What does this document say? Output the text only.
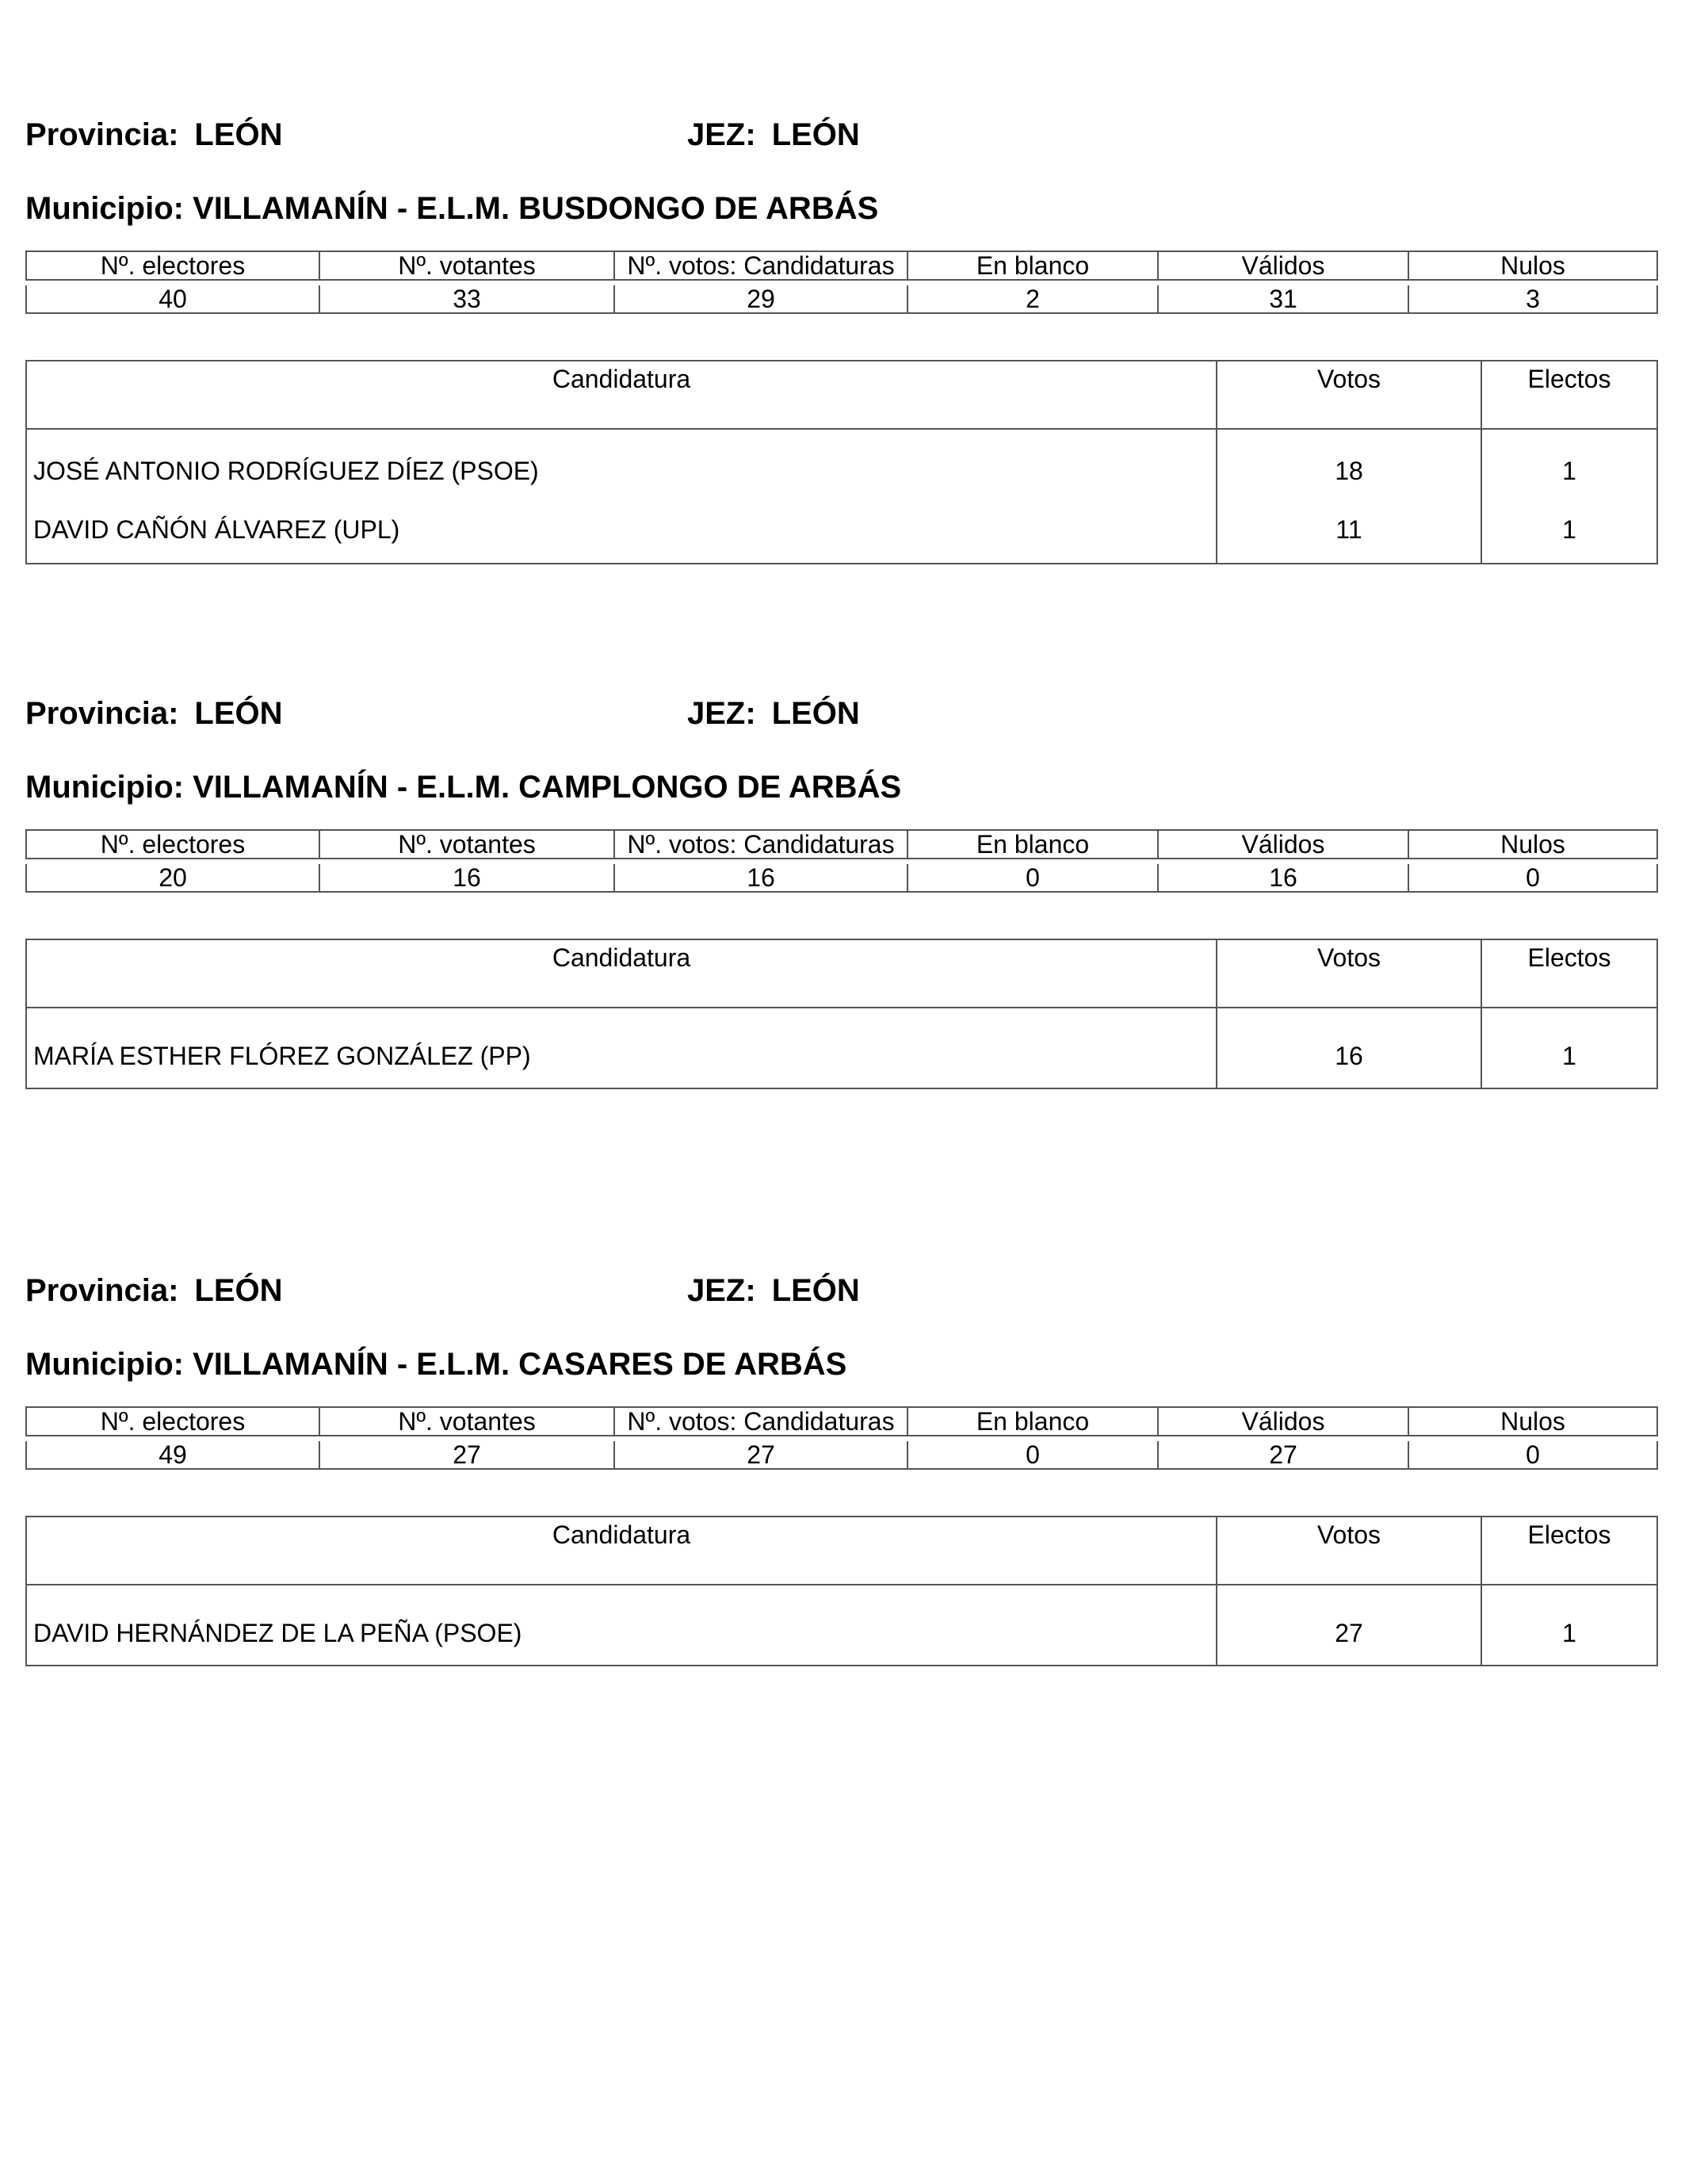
Provincia: LEÓN	JEZ: LEÓN
Municipio: VILLAMANÍN - E.L.M. BUSDONGO DE ARBÁS
Nº. electores	Nº. votantes	Nº. votos: Candidaturas	En blanco	Válidos	Nulos

40	33	29	2	31	3
Candidatura	Votos	Electos
JOSÉ ANTONIO RODRÍGUEZ DÍEZ (PSOE)	18	1
DAVID CAÑÓN ÁLVAREZ (UPL)	11	1
Provincia: LEÓN	JEZ: LEÓN
Municipio: VILLAMANÍN - E.L.M. CAMPLONGO DE ARBÁS
Nº. electores	Nº. votantes	Nº. votos: Candidaturas	En blanco	Válidos	Nulos

20	16	16	0	16	0
Candidatura	Votos	Electos
MARÍA ESTHER FLÓREZ GONZÁLEZ (PP)	16	1
Provincia: LEÓN	JEZ: LEÓN
Municipio: VILLAMANÍN - E.L.M. CASARES DE ARBÁS
Nº. electores	Nº. votantes	Nº. votos: Candidaturas	En blanco	Válidos	Nulos

49	27	27	0	27	0
Candidatura	Votos	Electos
DAVID HERNÁNDEZ DE LA PEÑA (PSOE)	27	1
